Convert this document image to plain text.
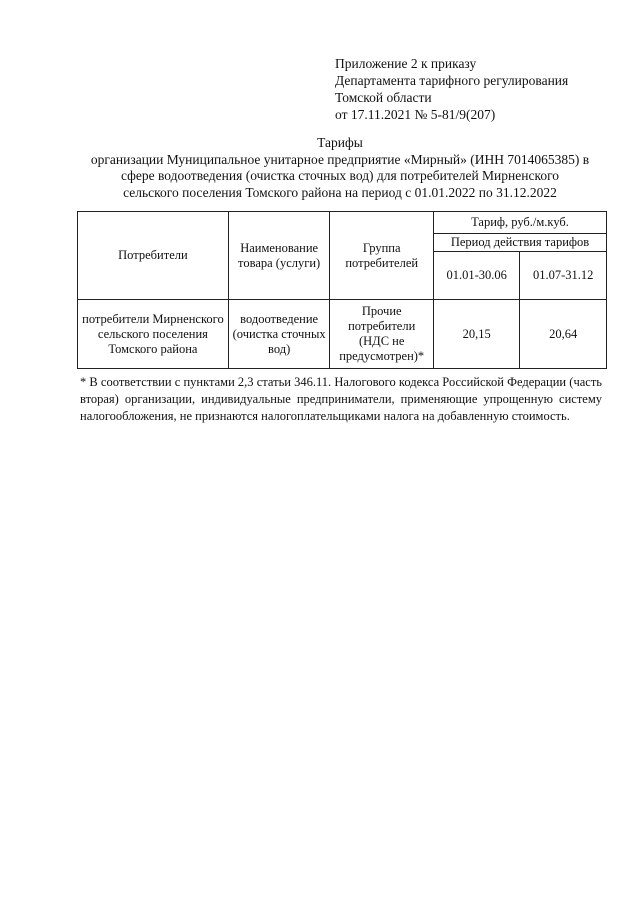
Приложение 2 к приказу
Департамента тарифного регулирования
Томской области
от 17.11.2021 № 5-81/9(207)
Тарифы
организации Муниципальное унитарное предприятие «Мирный» (ИНН 7014065385) в
сфере водоотведения (очистка сточных вод) для потребителей Мирненского
сельского поселения Томского района на период с 01.01.2022 по 31.12.2022
Потребители	Наименование товара (услуги)	Группа потребителей	Тариф, руб./м.куб.	
			Период действия тарифов	
			01.01-30.06	01.07-31.12
потребители Мирненского сельского поселения Томского района	водоотведение (очистка сточных вод)	Прочие потребители (НДС не предусмотрен)*	20,15	20,64
* В соответствии с пунктами 2,3 статьи 346.11. Налогового кодекса Российской Федерации (часть вторая) организации, индивидуальные предприниматели, применяющие упрощенную систему налогообложения, не признаются налогоплательщиками налога на добавленную стоимость.
